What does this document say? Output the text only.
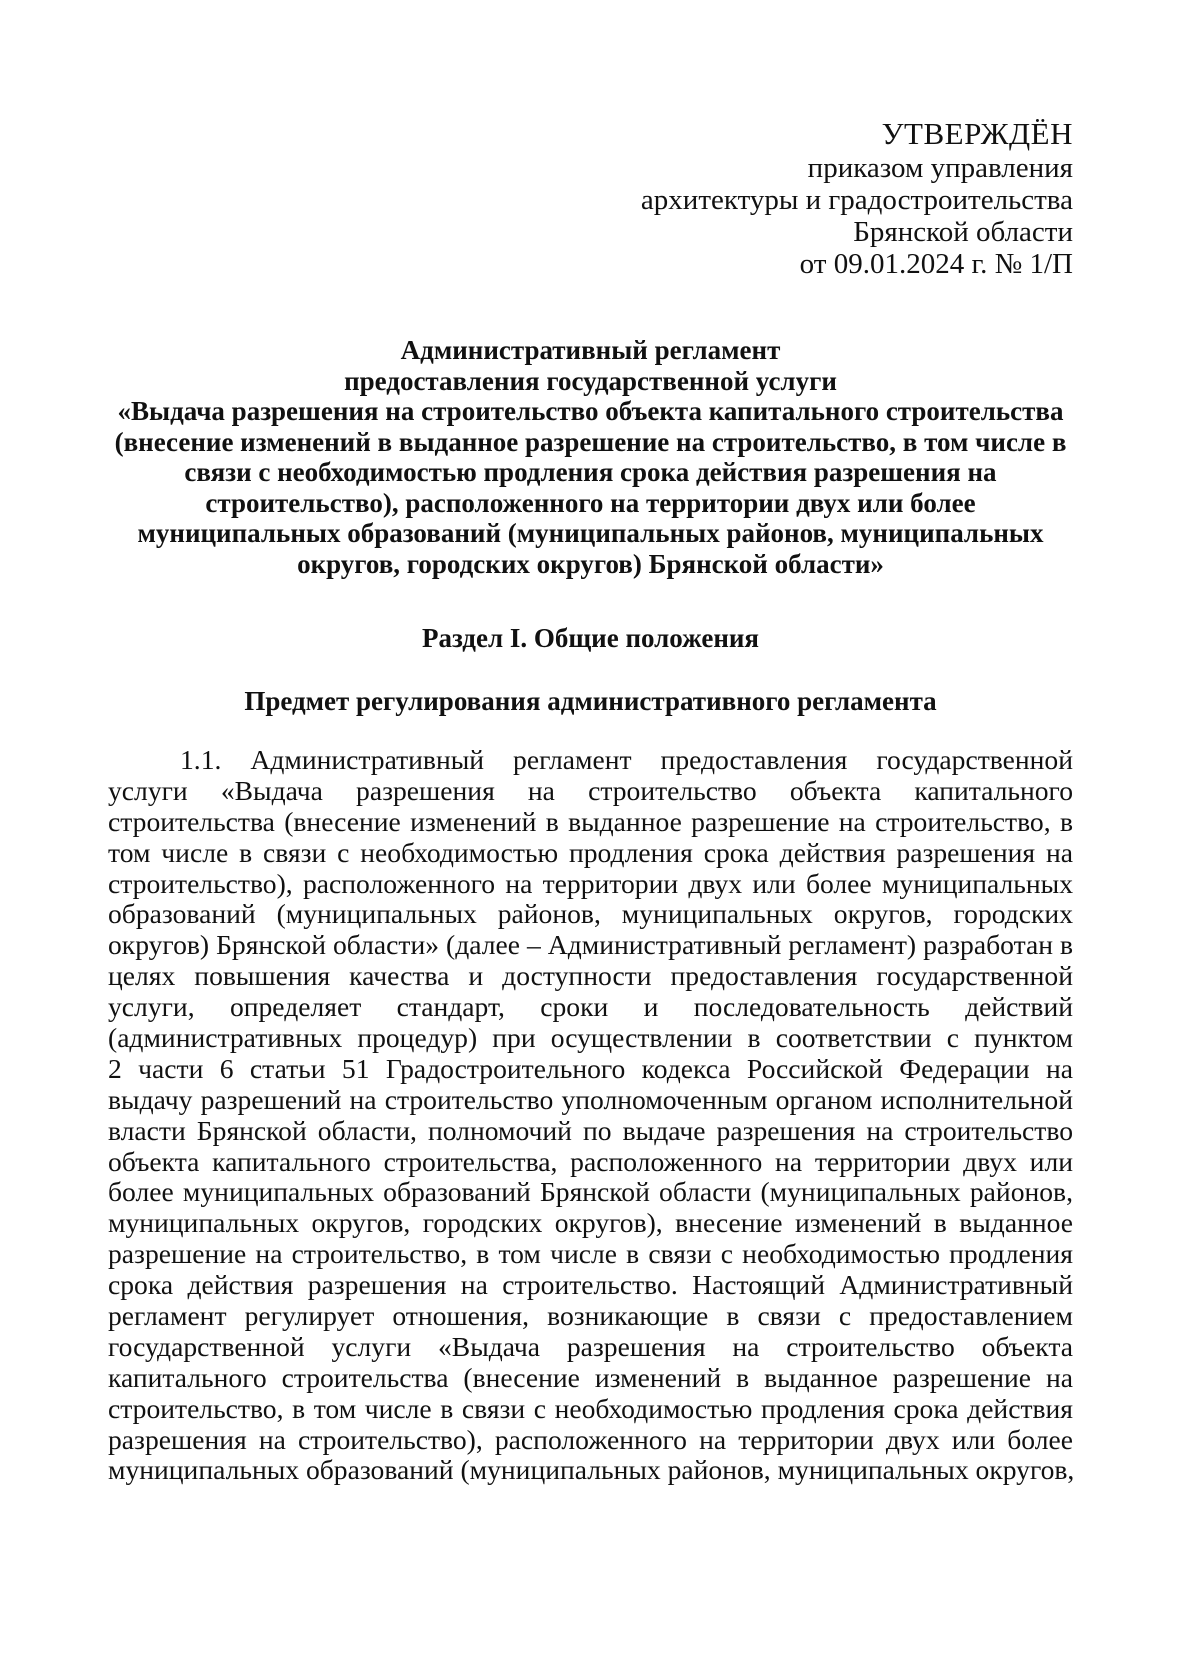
УТВЕРЖДЁН
приказом управления
архитектуры и градостроительства
Брянской области
от 09.01.2024 г. № 1/П
Административный регламент
предоставления государственной услуги
«Выдача разрешения на строительство объекта капитального строительства
(внесение изменений в выданное разрешение на строительство, в том числе в
связи с необходимостью продления срока действия разрешения на
строительство), расположенного на территории двух или более
муниципальных образований (муниципальных районов, муниципальных
округов, городских округов) Брянской области»
Раздел I. Общие положения
Предмет регулирования административного регламента
1.1. Административный регламент предоставления государственной
услуги «Выдача разрешения на строительство объекта капитального
строительства (внесение изменений в выданное разрешение на строительство, в
том числе в связи с необходимостью продления срока действия разрешения на
строительство), расположенного на территории двух или более муниципальных
образований (муниципальных районов, муниципальных округов, городских
округов) Брянской области» (далее – Административный регламент) разработан в
целях повышения качества и доступности предоставления государственной
услуги, определяет стандарт, сроки и последовательность действий
(административных процедур) при осуществлении в соответствии с пунктом
2 части 6 статьи 51 Градостроительного кодекса Российской Федерации на
выдачу разрешений на строительство уполномоченным органом исполнительной
власти Брянской области, полномочий по выдаче разрешения на строительство
объекта капитального строительства, расположенного на территории двух или
более муниципальных образований Брянской области (муниципальных районов,
муниципальных округов, городских округов), внесение изменений в выданное
разрешение на строительство, в том числе в связи с необходимостью продления
срока действия разрешения на строительство. Настоящий Административный
регламент регулирует отношения, возникающие в связи с предоставлением
государственной услуги «Выдача разрешения на строительство объекта
капитального строительства (внесение изменений в выданное разрешение на
строительство, в том числе в связи с необходимостью продления срока действия
разрешения на строительство), расположенного на территории двух или более
муниципальных образований (муниципальных районов, муниципальных округов,
